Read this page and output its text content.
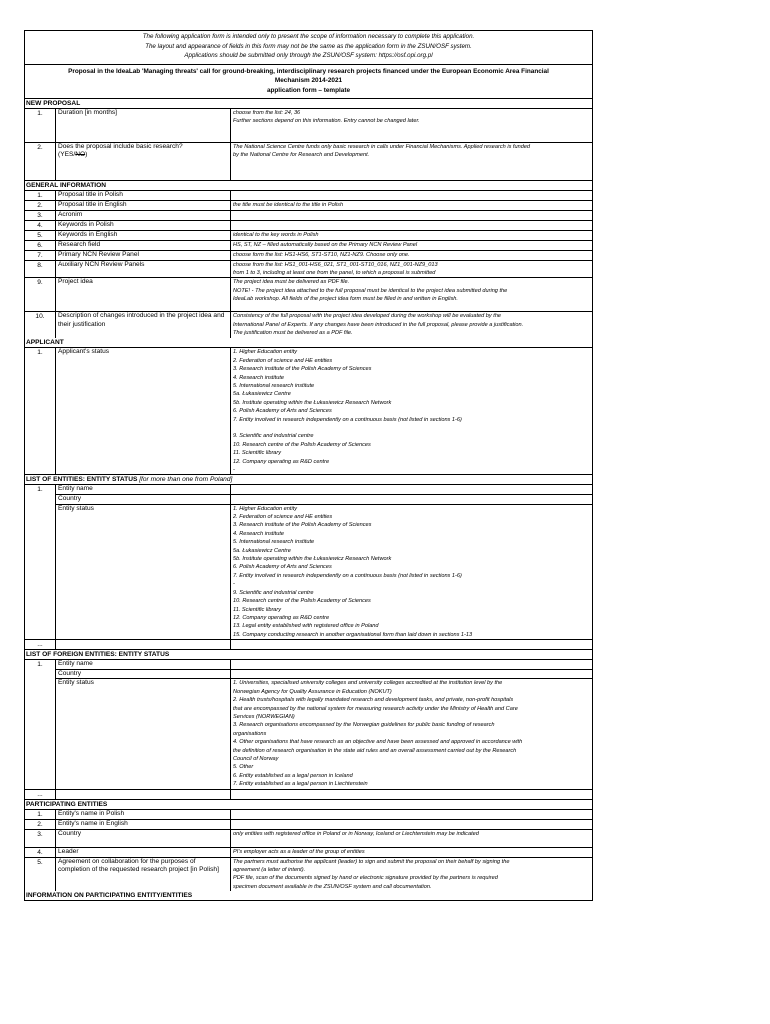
The following application form is intended only to present the scope of information necessary to complete this application.
The layout and appearance of fields in this form may not be the same as the application form in the ZSUN/OSF system.
Applications should be submitted only through the ZSUN/OSF system: https://osf.opi.org.pl
Proposal in the IdeaLab 'Managing threats' call for ground-breaking, interdisciplinary research projects financed under the European Economic Area Financial
Mechanism 2014-2021
application form – template
NEW PROPOSAL
1.	Duration [in months]	choose from the list: 24, 36
Further sections depend on this information. Entry cannot be changed later.
2.	Does the proposal include basic research?
(YES/NO)
The National Science Centre funds only basic research in calls under Financial Mechanisms. Applied research is funded
by the National Centre for Research and Development.
GENERAL INFORMATION
1.	Proposal title in Polish
2.	Proposal title in English	the title must be identical to the title in Polish
3.	Acronim
4.	Keywords in Polish
5.	Keywords in English	identical to the key words in Polish
6.	Research field	HS, ST, NZ – filled automatically based on the Primary NCN Review Panel
7.	Primary NCN Review Panel	choose form the list: HS1-HS6, ST1-ST10, NZ1-NZ9. Choose only one.
8.	Auxiliary NCN Review Panels	choose from the list: HS1_001-HS6_021, ST1_001-ST10_016, NZ1_001-NZ9_013
from 1 to 3, including at least one from the panel, to which a proposal is submitted
9.	Project idea	The project idea must be delivered as PDF file.
NOTE! - The project idea attached to the full proposal must be identical to the project idea submitted during the
IdeaLab workshop. All fields of the project idea form must be filled in and written in English.
10.	Description of changes introduced in the project idea and their justification
Consistency of the full proposal with the project idea developed during the workshop will be evaluated by the
International Panel of Experts. If any changes have been introduced in the full proposal, please provide a justification.
The justification must be delivered as a PDF file.
APPLICANT
1.	Applicant's status	1. Higher Education entity
2. Federation of science and HE entities
3. Research institute of the Polish Academy of Sciences
4. Research institute
5. International research institute
5a. Łukasiewicz Centre
5b. Institute operating within the Łukasiewicz Research Network
6. Polish Academy of Arts and Sciences
7. Entity involved in research independently on a continuous basis (not listed in sections 1-6)
9. Scientific and industrial centre
10. Research centre of the Polish Academy of Sciences
11. Scientific library
12. Company operating as R&D centre
-
LIST OF ENTITIES: ENTITY STATUS [for more than one from Poland]
1.	Entity name
Country
Entity status	1. Higher Education entity
2. Federation of science and HE entities
3. Research institute of the Polish Academy of Sciences
4. Research institute
5. International research institute
5a. Łukasiewicz Centre
5b. Institute operating within the Łukasiewicz Research Network
6. Polish Academy of Arts and Sciences
7. Entity involved in research independently on a continuous basis (not listed in sections 1-6)
-
9. Scientific and industrial centre
10. Research centre of the Polish Academy of Sciences
11. Scientific library
12. Company operating as R&D centre
13. Legal entity established with registered office in Poland
15. Company conducting research in another organisational form than laid down in sections 1-13
...
LIST OF FOREIGN ENTITIES: ENTITY STATUS
1.	Entity name
Country
Entity status	1. Universities, specialised university colleges and university colleges accredited at the institution level by the
Norwegian Agency for Quality Assurance in Education (NOKUT)
2. Health trusts/hospitals with legally mandated research and development tasks, and private, non-profit hospitals
that are encompassed by the national system for measuring research activity under the Ministry of Health and Care
Services (NORWEGIAN)
3. Research organisations encompassed by the Norwegian guidelines for public basic funding of research
organisations
4. Other organisations that have research as an objective and have been assessed and approved in accordance with
the definition of research organisation in the state aid rules and an overall assessment carried out by the Research
Council of Norway
5. Other
6. Entity established as a legal person in Iceland
7. Entity established as a legal person in Liechtenstein
...
PARTICIPATING ENTITIES
1.	Entity's name in Polish
2.	Entity's name in English
3.	Country	only entities with registered office in Poland or in Norway, Iceland or Liechtenstein may be indicated
4.	Leader	PI's employer acts as a leader of the group of entities
5.	Agreement on collaboration for the purposes of completion of the requested research project [in Polish]
The partners must authorise the applicant (leader) to sign and submit the proposal on their behalf by signing the
agreement (a letter of intent).
PDF file, scan of the documents signed by hand or electronic signature provided by the partners is required
specimen document available in the ZSUN/OSF system and call documentation.
INFORMATION ON PARTICIPATING ENTITY/ENTITIES
